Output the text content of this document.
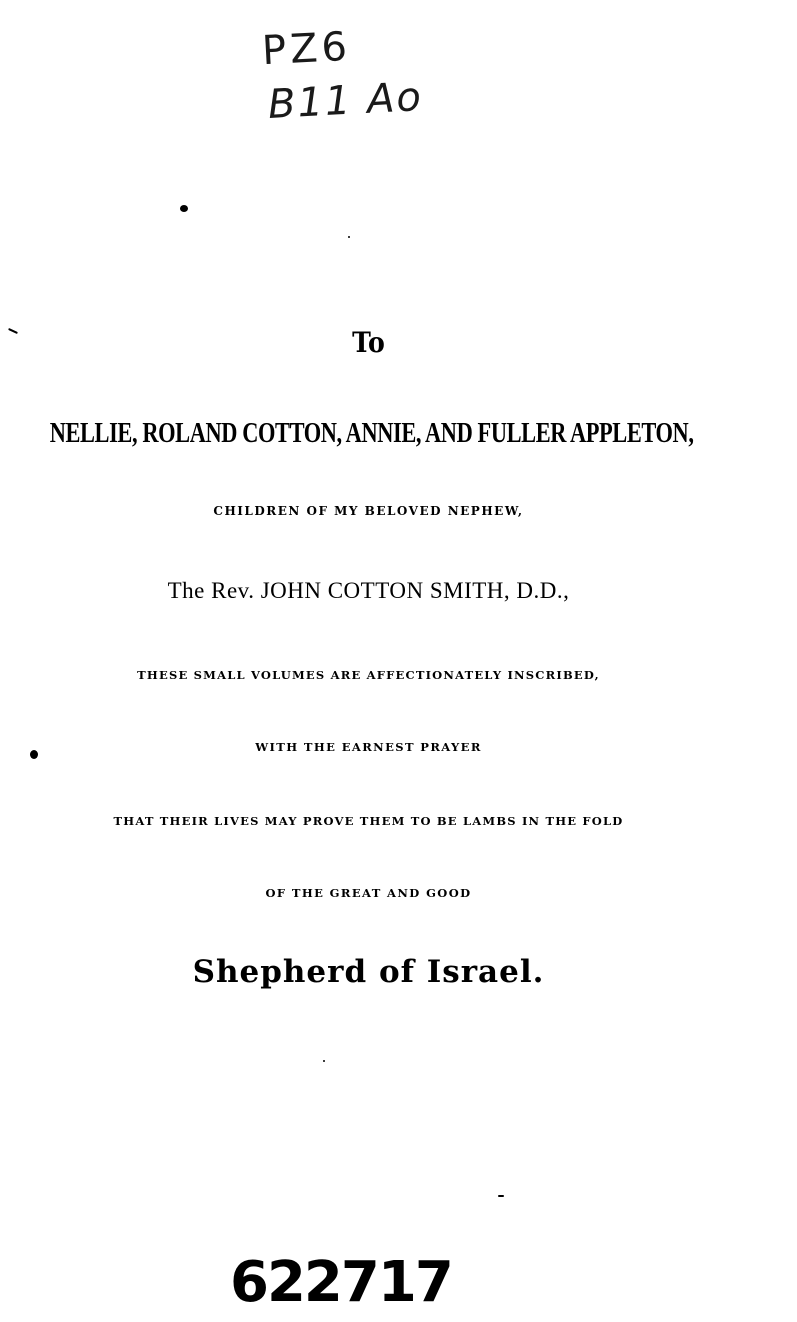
PZ6
B11 Ao
To
NELLIE, ROLAND COTTON, ANNIE, AND FULLER APPLETON,
CHILDREN OF MY BELOVED NEPHEW,
The Rev. JOHN COTTON SMITH, D.D.,
THESE SMALL VOLUMES ARE AFFECTIONATELY INSCRIBED,
WITH THE EARNEST PRAYER
THAT THEIR LIVES MAY PROVE THEM TO BE LAMBS IN THE FOLD
OF THE GREAT AND GOOD
Shepherd of Israel.
622717
